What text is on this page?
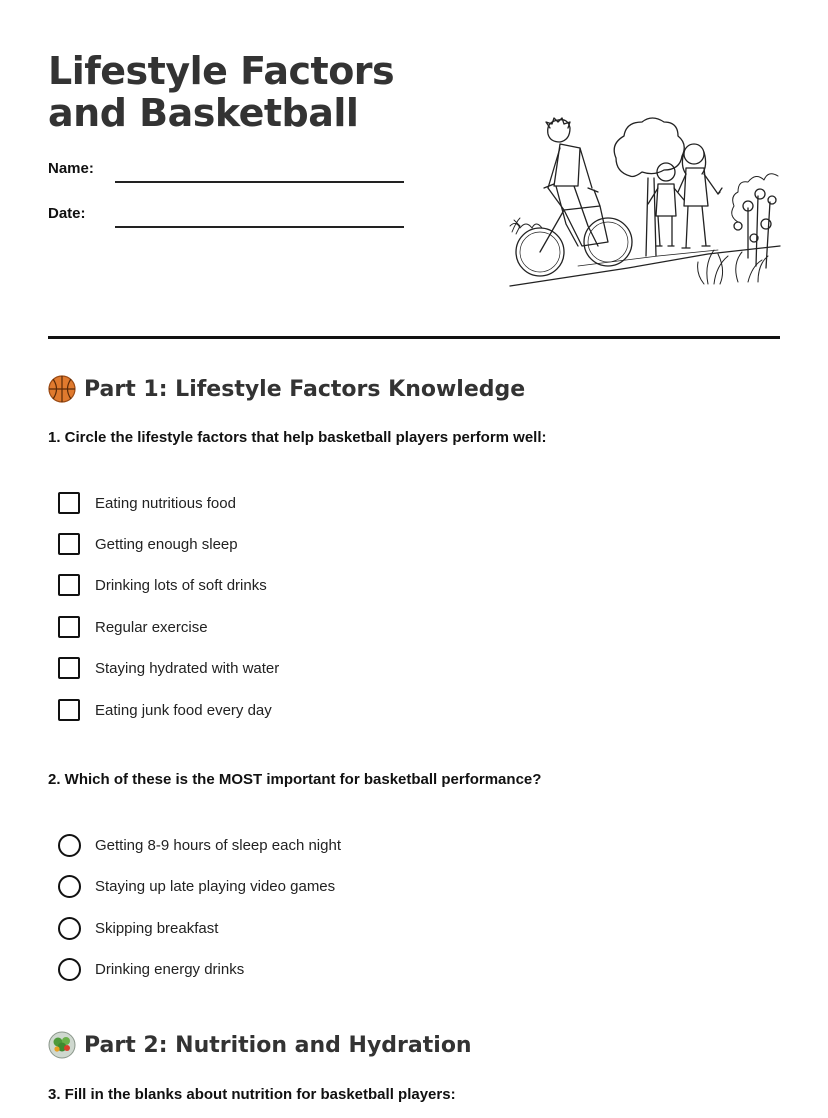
Lifestyle Factors and Basketball
Name:
Date:
Part 1: Lifestyle Factors Knowledge
1. Circle the lifestyle factors that help basketball players perform well:
Eating nutritious food
Getting enough sleep
Drinking lots of soft drinks
Regular exercise
Staying hydrated with water
Eating junk food every day
2. Which of these is the MOST important for basketball performance?
Getting 8-9 hours of sleep each night
Staying up late playing video games
Skipping breakfast
Drinking energy drinks
Part 2: Nutrition and Hydration
3. Fill in the blanks about nutrition for basketball players:
